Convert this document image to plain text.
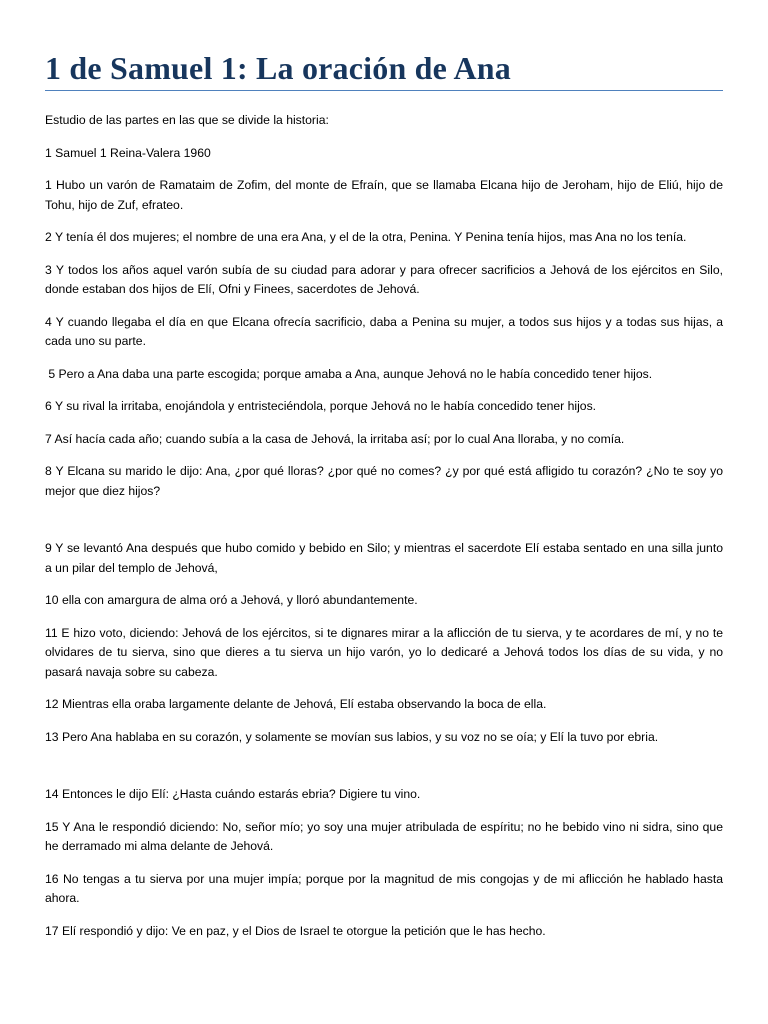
1 de Samuel 1: La oración de Ana

Estudio de las partes en las que se divide la historia:

1 Samuel 1 Reina-Valera 1960

1 Hubo un varón de Ramataim de Zofim, del monte de Efraín, que se llamaba Elcana hijo de Jeroham, hijo de Eliú, hijo de Tohu, hijo de Zuf, efrateo.

2 Y tenía él dos mujeres; el nombre de una era Ana, y el de la otra, Penina. Y Penina tenía hijos, mas Ana no los tenía.

3 Y todos los años aquel varón subía de su ciudad para adorar y para ofrecer sacrificios a Jehová de los ejércitos en Silo, donde estaban dos hijos de Elí, Ofni y Finees, sacerdotes de Jehová.

4 Y cuando llegaba el día en que Elcana ofrecía sacrificio, daba a Penina su mujer, a todos sus hijos y a todas sus hijas, a cada uno su parte.

5 Pero a Ana daba una parte escogida; porque amaba a Ana, aunque Jehová no le había concedido tener hijos.

6 Y su rival la irritaba, enojándola y entristeciéndola, porque Jehová no le había concedido tener hijos.

7 Así hacía cada año; cuando subía a la casa de Jehová, la irritaba así; por lo cual Ana lloraba, y no comía.

8 Y Elcana su marido le dijo: Ana, ¿por qué lloras? ¿por qué no comes? ¿y por qué está afligido tu corazón? ¿No te soy yo mejor que diez hijos?

9 Y se levantó Ana después que hubo comido y bebido en Silo; y mientras el sacerdote Elí estaba sentado en una silla junto a un pilar del templo de Jehová,

10 ella con amargura de alma oró a Jehová, y lloró abundantemente.

11 E hizo voto, diciendo: Jehová de los ejércitos, si te dignares mirar a la aflicción de tu sierva, y te acordares de mí, y no te olvidares de tu sierva, sino que dieres a tu sierva un hijo varón, yo lo dedicaré a Jehová todos los días de su vida, y no pasará navaja sobre su cabeza.

12 Mientras ella oraba largamente delante de Jehová, Elí estaba observando la boca de ella.

13 Pero Ana hablaba en su corazón, y solamente se movían sus labios, y su voz no se oía; y Elí la tuvo por ebria.

14 Entonces le dijo Elí: ¿Hasta cuándo estarás ebria? Digiere tu vino.

15 Y Ana le respondió diciendo: No, señor mío; yo soy una mujer atribulada de espíritu; no he bebido vino ni sidra, sino que he derramado mi alma delante de Jehová.

16 No tengas a tu sierva por una mujer impía; porque por la magnitud de mis congojas y de mi aflicción he hablado hasta ahora.

17 Elí respondió y dijo: Ve en paz, y el Dios de Israel te otorgue la petición que le has hecho.
